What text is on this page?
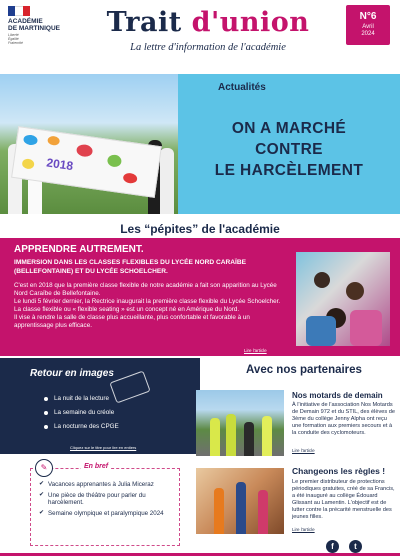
ACADÉMIE
DE MARTINIQUE
Liberté
Égalité
Fraternité
Trait d'union
La lettre d'information de l'académie
N°6
Avril
2024
2018
Actualités
ON A MARCHÉ
CONTRE
LE HARCÈLEMENT
Les “pépites” de l'académie
APPRENDRE AUTREMENT.
IMMERSION DANS LES CLASSES FLEXIBLES DU LYCÉE NORD CARAÏBE (BELLEFONTAINE) ET DU LYCÉE SCHOELCHER.

C'est en 2018 que la première classe flexible de notre académie a fait son apparition au Lycée Nord Caraïbe de Bellefontaine.

Le lundi 5 février dernier, la Rectrice inaugurait la première classe flexible du Lycée Schoelcher.

La classe flexible ou « flexible seating » est un concept né en Amérique du Nord.

Il vise à rendre la salle de classe plus accueillante, plus confortable et favorable à un apprentissage plus efficace.

Lire l'article
Retour en images
La nuit de la lecture
La semaine du créole
La nocturne des CPGE
Cliquez sur le titre pour lire en entiers
✎	En bref
✔ Vacances apprenantes à Julia Miceraz
✔ Une pièce de théâtre pour parler du harcèlement.
✔ Semaine olympique et paralympique 2024
Avec nos partenaires
Nos motards de demain
À l'initiative de l'association Nos Motards de Demain 972 et du STIL, des élèves de 3ème du collège Jenny Alpha ont reçu une formation aux premiers secours et à la conduite des cyclomoteurs.
Lire l'article
Changeons les règles !
Le premier distributeur de protections périodiques gratuites, créé de sa Francis, a été inauguré au collège Édouard Glissant au Lamentin. L'objectif est de lutter contre la précarité menstruelle des jeunes filles.
Lire l'article
f	t
